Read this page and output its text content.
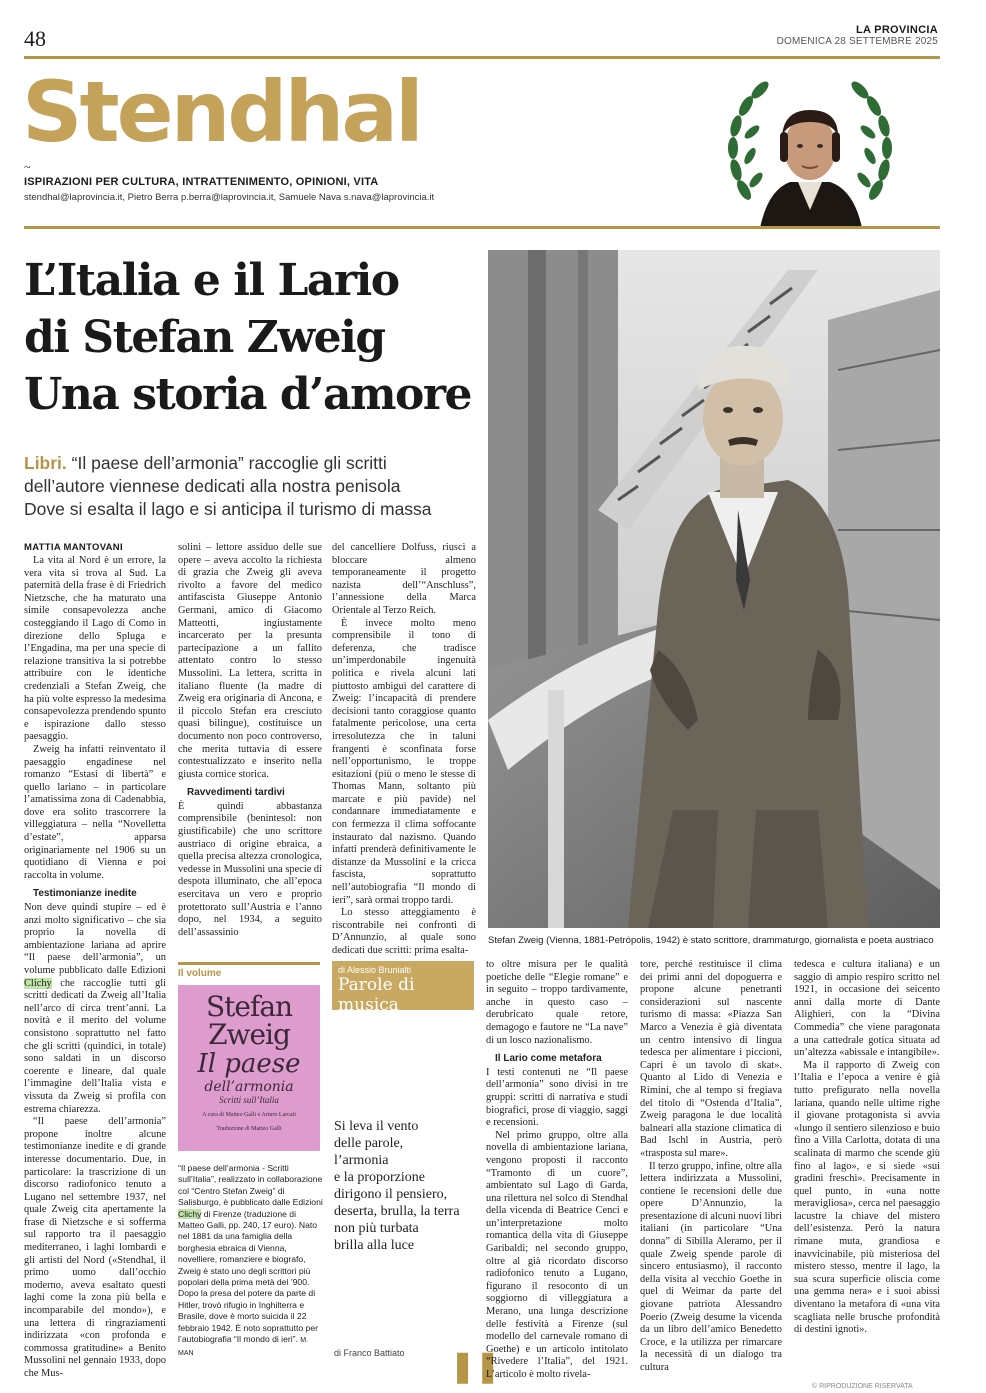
48	LA PROVINCIA
DOMENICA 28 SETTEMBRE 2025
Stendhal
~
ISPIRAZIONI PER CULTURA, INTRATTENIMENTO, OPINIONI, VITA
stendhal@laprovincia.it, Pietro Berra p.berra@laprovincia.it, Samuele Nava s.nava@laprovincia.it
L’Italia e il Lario
di Stefan Zweig
Una storia d’amore
Libri. “Il paese dell’armonia” raccoglie gli scritti
dell’autore viennese dedicati alla nostra penisola
Dove si esalta il lago e si anticipa il turismo di massa
Stefan Zweig (Vienna, 1881-Petrópolis, 1942) è stato scrittore, drammaturgo, giornalista e poeta austriaco
MATTIA MANTOVANI

La vita al Nord è un errore, la vera vita si trova al Sud. La paternità della frase è di Friedrich Nietzsche, che ha maturato una simile consapevolezza anche costeggiando il Lago di Como in direzione dello Spluga e l’Engadina, ma per una specie di relazione transitiva la si potrebbe attribuire con le identiche credenziali a Stefan Zweig, che ha più volte espresso la medesima consapevolezza prendendo spunto e ispirazione dallo stesso paesaggio.

Zweig ha infatti reinventato il paesaggio engadinese nel romanzo “Estasi di libertà” e quello lariano – in particolare l’amatissima zona di Cadenabbia, dove era solito trascorrere la villeggiatura – nella “Novelletta d’estate”, apparsa originariamente nel 1906 su un quotidiano di Vienna e poi raccolta in volume.

Testimonianze inedite

Non deve quindi stupire – ed è anzi molto significativo – che sia proprio la novella di ambientazione lariana ad aprire “Il paese dell’armonia”, un volume pubblicato dalle Edizioni Clichy che raccoglie tutti gli scritti dedicati da Zweig all’Italia nell’arco di circa trent’anni. La novità e il merito del volume consistono soprattutto nel fatto che gli scritti (quindici, in totale) sono saldati in un discorso coerente e lineare, dal quale l’immagine dell’Italia vista e vissuta da Zweig si profila con estrema chiarezza.

“Il paese dell’armonia” propone inoltre alcune testimonianze inedite e di grande interesse documentario. Due, in particolare: la trascrizione di un discorso radiofonico tenuto a Lugano nel settembre 1937, nel quale Zweig cita apertamente la frase di Nietzsche e si sofferma sul rapporto tra il paesaggio mediterraneo, i laghi lombardi e gli artisti del Nord («Stendhal, il primo uomo dall’occhio moderno, aveva esaltato questi laghi come la zona più bella e incomparabile del mondo»), e una lettera di ringraziamenti indirizzata «con profonda e commossa gratitudine» a Benito Mussolini nel gennaio 1933, dopo che Mus-

solini – lettore assiduo delle sue opere – aveva accolto la richiesta di grazia che Zweig gli aveva rivolto a favore del medico antifascista Giuseppe Antonio Germani, amico di Giacomo Matteotti, ingiustamente incarcerato per la presunta partecipazione a un fallito attentato contro lo stesso Mussolini. La lettera, scritta in italiano fluente (la madre di Zweig era originaria di Ancona, e il piccolo Stefan era cresciuto quasi bilingue), costituisce un documento non poco controverso, che merita tuttavia di essere contestualizzato e inserito nella giusta cornice storica.

Ravvedimenti tardivi

È quindi abbastanza comprensibile (benintesol: non giustificabile) che uno scrittore austriaco di origine ebraica, a quella precisa altezza cronologica, vedesse in Mussolini una specie di despota illuminato, che all’epoca esercitava un vero e proprio protettorato sull’Austria e l’anno dopo, nel 1934, a seguito dell’assassinio

del cancelliere Dolfuss, riuscì a bloccare almeno temporaneamente il progetto nazista dell’“Anschluss”, l’annessione della Marca Orientale al Terzo Reich.

È invece molto meno comprensibile il tono di deferenza, che tradisce un’imperdonabile ingenuità politica e rivela alcuni lati piuttosto ambigui del carattere di Zweig: l’incapacità di prendere decisioni tanto coraggiose quanto fatalmente pericolose, una certa irresolutezza che in taluni frangenti è sconfinata forse nell’opportunismo, le troppe esitazioni (più o meno le stesse di Thomas Mann, soltanto più marcate e più pavide) nel condannare immediatamente e con fermezza il clima soffocante instaurato dal nazismo. Quando infatti prenderà definitivamente le distanze da Mussolini e la cricca fascista, soprattutto nell’autobiografia “Il mondo di ieri”, sarà ormai troppo tardi.

Lo stesso atteggiamento è riscontrabile nei confronti di D’Annunzio, al quale sono dedicati due scritti: prima esalta-

Il volume
Stefan Zweig
Il paese
dell’armonia
Scritti sull’Italia
A cura di Matteo Galli e Arturo Larcati
Traduzione di Matteo Galli
“Il paese dell’armonia - Scritti sull’Italia”, realizzato in collaborazione col “Centro Stefan Zweig” di Salisburgo, è pubblicato dalle Edizioni Clichy di Firenze (traduzione di Matteo Galli, pp. 240, 17 euro). Nato nel 1881 da una famiglia della borghesia ebraica di Vienna, novelliere, romanziere e biografo, Zweig è stato uno degli scrittori più popolari della prima metà del ’900. Dopo la presa del potere da parte di Hitler, trovò rifugio in Inghilterra e Brasile, dove è morto suicida il 22 febbraio 1942. È noto soprattutto per l’autobiografia “Il mondo di ieri”. M. MAN
di Alessio Brunialti
Parole di musica
Si leva il vento
delle parole,
l’armonia
e la proporzione
dirigono il pensiero,
deserta, brulla, la terra
non più turbata
brilla alla luce
di Franco Battiato ❚❚

to oltre misura per le qualità poetiche delle “Elegie romane” e in seguito – troppo tardivamente, anche in questo caso – derubricato quale retore, demagogo e fautore ne “La nave” di un losco nazionalismo.

Il Lario come metafora

I testi contenuti ne “Il paese dell’armonia” sono divisi in tre gruppi: scritti di narrativa e studi biografici, prose di viaggio, saggi e recensioni.

Nel primo gruppo, oltre alla novella di ambientazione lariana, vengono proposti il racconto “Tramonto di un cuore”, ambientato sul Lago di Garda, una rilettura nel solco di Stendhal della vicenda di Beatrice Cenci e un’interpretazione molto romantica della vita di Giuseppe Garibaldi; nel secondo gruppo, oltre al già ricordato discorso radiofonico tenuto a Lugano, figurano il resoconto di un soggiorno di villeggiatura a Merano, una lunga descrizione delle festività a Firenze (sul modello del carnevale romano di Goethe) e un articolo intitolato “Rivedere l’Italia”, del 1921. L’articolo è molto rivela-

tore, perché restituisce il clima dei primi anni del dopoguerra e propone alcune penetranti considerazioni sul nascente turismo di massa: «Piazza San Marco a Venezia è già diventata un centro intensivo di lingua tedesca per alimentare i piccioni, Capri è un tavolo di skat». Quanto al Lido di Venezia e Rimini, che al tempo si fregiava del titolo di “Ostenda d’Italia”, Zweig paragona le due località balneari alla stazione climatica di Bad Ischl in Austria, però «trasposta sul mare».

Il terzo gruppo, infine, oltre alla lettera indirizzata a Mussolini, contiene le recensioni delle due opere D’Annunzio, la presentazione di alcuni nuovi libri italiani (in particolare “Una donna” di Sibilla Aleramo, per il quale Zweig spende parole di sincero entusiasmo), il racconto della visita al vecchio Goethe in quel di Weimar da parte del giovane patriota Alessandro Poerio (Zweig desume la vicenda da un libro dell’amico Benedetto Croce, e la utilizza per rimarcare la necessità di un dialogo tra cultura

tedesca e cultura italiana) e un saggio di ampio respiro scritto nel 1921, in occasione dei seicento anni dalla morte di Dante Alighieri, con la “Divina Commedia” che viene paragonata a una cattedrale gotica situata ad un’altezza «abissale e intangibile».

Ma il rapporto di Zweig con l’Italia e l’epoca a venire è già tutto prefigurato nella novella lariana, quando nelle ultime righe il giovane protagonista si avvia «lungo il sentiero silenzioso e buio fino a Villa Carlotta, dotata di una scalinata di marmo che scende giù fino al lago», e si siede «sui gradini freschi». Precisamente in quel punto, in «una notte meravigliosa», cerca nel paesaggio lacustre la chiave del mistero dell’esistenza. Però la natura rimane muta, grandiosa e inavvicinabile, più misteriosa del mistero stesso, mentre il lago, la sua scura superficie oliscia come una gemma nera» e i suoi abissi diventano la metafora di «una vita scagliata nelle brusche profondità di destini ignoti».

© RIPRODUZIONE RISERVATA
